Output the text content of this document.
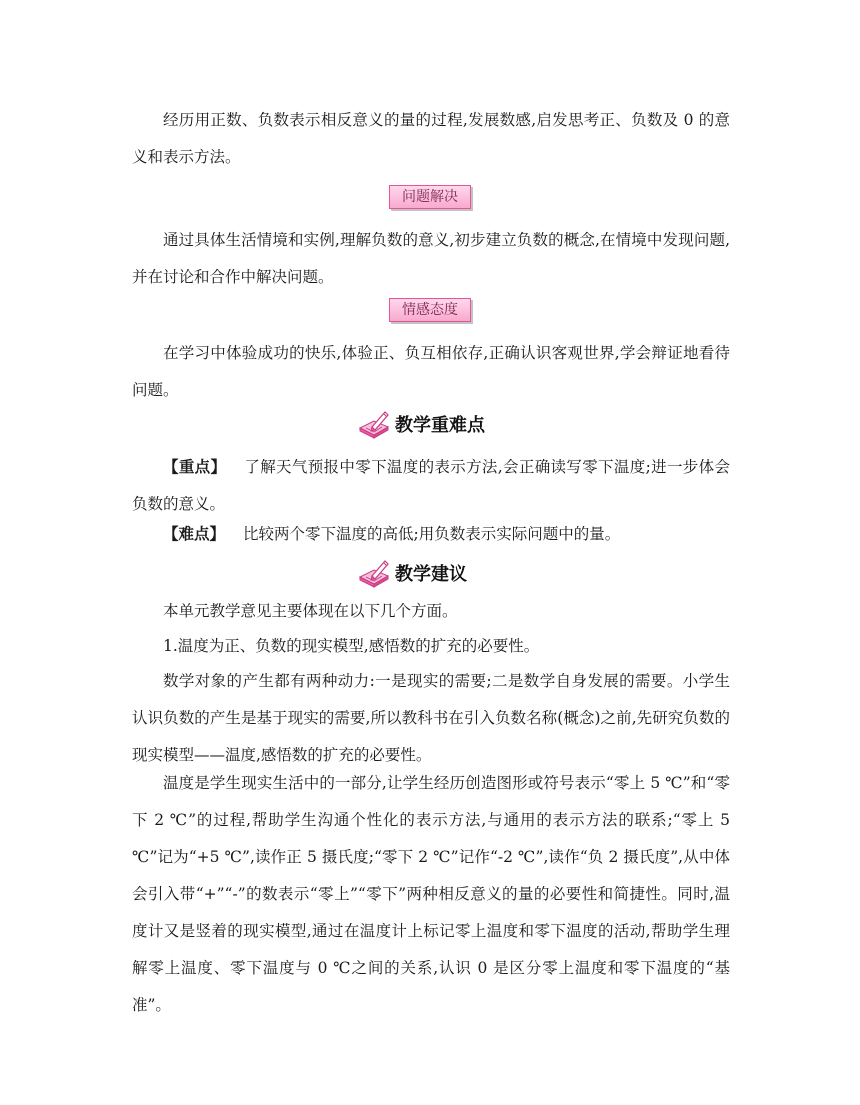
经历用正数、负数表示相反意义的量的过程,发展数感,启发思考正、负数及 0 的意义和表示方法。

问题解决

通过具体生活情境和实例,理解负数的意义,初步建立负数的概念,在情境中发现问题,并在讨论和合作中解决问题。

情感态度

在学习中体验成功的快乐,体验正、负互相依存,正确认识客观世界,学会辩证地看待问题。

教学重难点

【重点】 了解天气预报中零下温度的表示方法,会正确读写零下温度;进一步体会负数的意义。

【难点】 比较两个零下温度的高低;用负数表示实际问题中的量。

教学建议

本单元教学意见主要体现在以下几个方面。

1.温度为正、负数的现实模型,感悟数的扩充的必要性。

数学对象的产生都有两种动力:一是现实的需要;二是数学自身发展的需要。小学生认识负数的产生是基于现实的需要,所以教科书在引入负数名称(概念)之前,先研究负数的现实模型——温度,感悟数的扩充的必要性。

温度是学生现实生活中的一部分,让学生经历创造图形或符号表示“零上 5 ℃”和“零下 2 ℃”的过程,帮助学生沟通个性化的表示方法,与通用的表示方法的联系;“零上 5 ℃”记为“+5 ℃”,读作正 5 摄氏度;“零下 2 ℃”记作“-2 ℃”,读作“负 2 摄氏度”,从中体会引入带“+”“-”的数表示“零上”“零下”两种相反意义的量的必要性和简捷性。同时,温度计又是竖着的现实模型,通过在温度计上标记零上温度和零下温度的活动,帮助学生理解零上温度、零下温度与 0 ℃之间的关系,认识 0 是区分零上温度和零下温度的“基准”。
